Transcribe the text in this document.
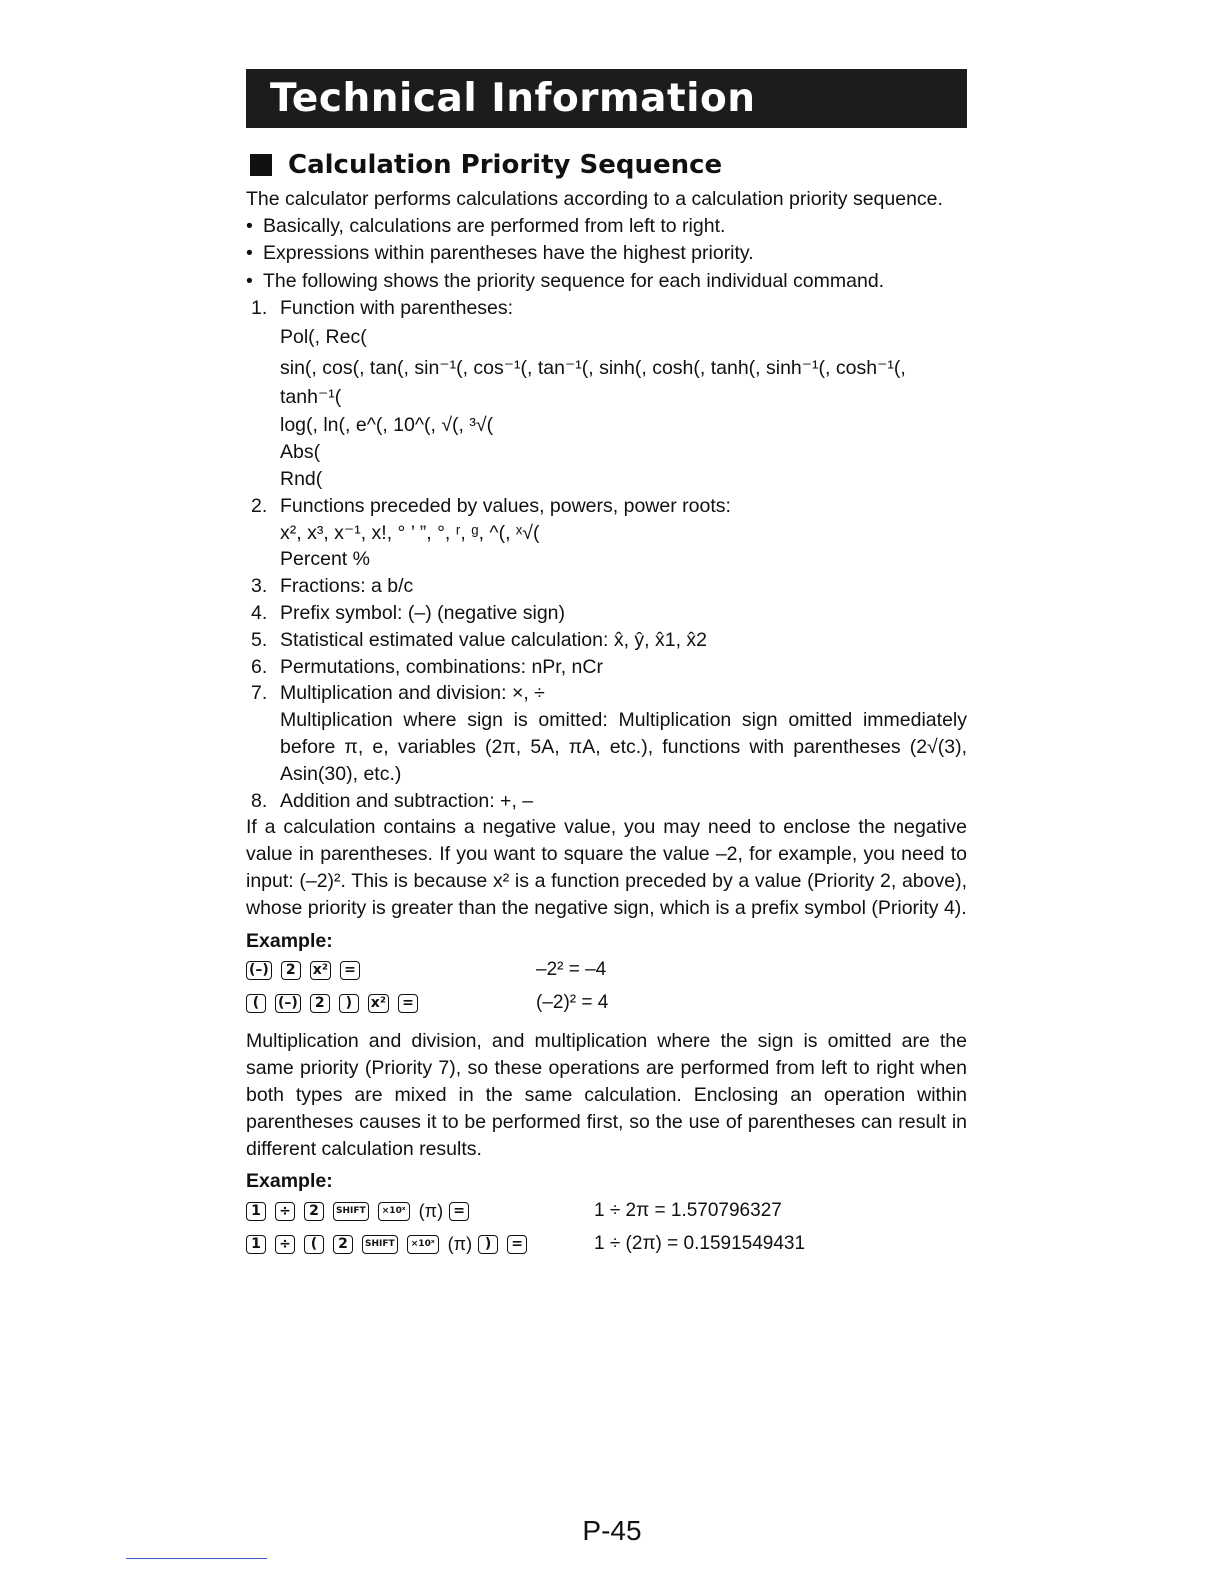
Technical Information
Calculation Priority Sequence

The calculator performs calculations according to a calculation priority sequence.

• Basically, calculations are performed from left to right.

• Expressions within parentheses have the highest priority.

• The following shows the priority sequence for each individual command.

1. Function with parentheses:

Pol(, Rec(

sin(, cos(, tan(, sin⁻¹(, cos⁻¹(, tan⁻¹(, sinh(, cosh(, tanh(, sinh⁻¹(, cosh⁻¹(,

tanh⁻¹(

log(, ln(, e^(, 10^(, √(, ³√(

Abs(

Rnd(

2. Functions preceded by values, powers, power roots:

x², x³, x⁻¹, x!, ° ’ ”, °, ʳ, ᵍ, ^(, ˣ√(

Percent %

3. Fractions: a b/c

4. Prefix symbol: (–) (negative sign)

5. Statistical estimated value calculation: x̂, ŷ, x̂1, x̂2

6. Permutations, combinations: nPr, nCr

7. Multiplication and division: ×, ÷

Multiplication where sign is omitted: Multiplication sign omitted immediately before π, e, variables (2π, 5A, πA, etc.), functions with parentheses (2√(3), Asin(30), etc.)

8. Addition and subtraction: +, –

If a calculation contains a negative value, you may need to enclose the negative value in parentheses. If you want to square the value –2, for example, you need to input: (–2)². This is because x² is a function preceded by a value (Priority 2, above), whose priority is greater than the negative sign, which is a prefix symbol (Priority 4).

Example:

(–)	2	x² =	–2² = –4
(	(–)	2	)	x² =	(–2)² = 4

Multiplication and division, and multiplication where the sign is omitted are the same priority (Priority 7), so these operations are performed from left to right when both types are mixed in the same calculation. Enclosing an operation within parentheses causes it to be performed first, so the use of parentheses can result in different calculation results.

Example:

1	÷	2	SHIFT	×10ˣ (π) =	1 ÷ 2π = 1.570796327
1	÷	(	2	SHIFT	×10ˣ (π) )	=	1 ÷ (2π) = 0.1591549431
P-45
